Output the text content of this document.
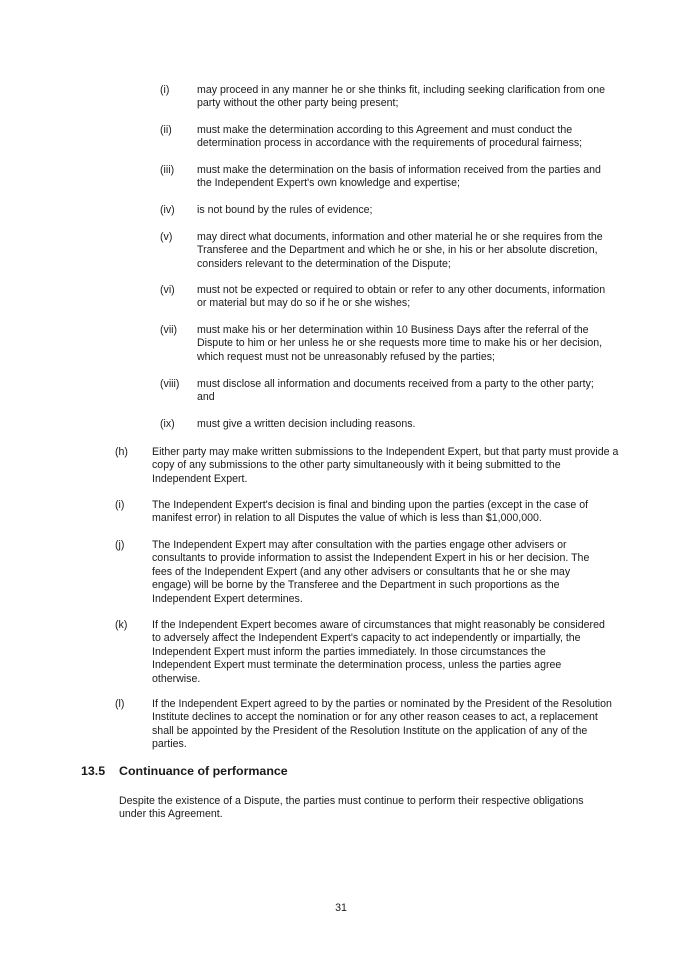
(i)	may proceed in any manner he or she thinks fit, including seeking clarification from one party without the other party being present;
(ii) must make the determination according to this Agreement and must conduct the determination process in accordance with the requirements of procedural fairness;
(iii) must make the determination on the basis of information received from the parties and the Independent Expert's own knowledge and expertise;
(iv) is not bound by the rules of evidence;
(v) may direct what documents, information and other material he or she requires from the Transferee and the Department and which he or she, in his or her absolute discretion, considers relevant to the determination of the Dispute;
(vi) must not be expected or required to obtain or refer to any other documents, information or material but may do so if he or she wishes;
(vii) must make his or her determination within 10 Business Days after the referral of the Dispute to him or her unless he or she requests more time to make his or her decision, which request must not be unreasonably refused by the parties;
(viii) must disclose all information and documents received from a party to the other party; and
(ix) must give a written decision including reasons.
(h) Either party may make written submissions to the Independent Expert, but that party must provide a copy of any submissions to the other party simultaneously with it being submitted to the Independent Expert.
(i)	The Independent Expert's decision is final and binding upon the parties (except in the case of manifest error) in relation to all Disputes the value of which is less than $1,000,000.
(j)	The Independent Expert may after consultation with the parties engage other advisers or consultants to provide information to assist the Independent Expert in his or her decision. The fees of the Independent Expert (and any other advisers or consultants that he or she may engage) will be borne by the Transferee and the Department in such proportions as the Independent Expert determines.
(k) If the Independent Expert becomes aware of circumstances that might reasonably be considered to adversely affect the Independent Expert's capacity to act independently or impartially, the Independent Expert must inform the parties immediately. In those circumstances the Independent Expert must terminate the determination process, unless the parties agree otherwise.
(l)	If the Independent Expert agreed to by the parties or nominated by the President of the Resolution Institute declines to accept the nomination or for any other reason ceases to act, a replacement shall be appointed by the President of the Resolution Institute on the application of any of the parties.
13.5 Continuance of performance
Despite the existence of a Dispute, the parties must continue to perform their respective obligations under this Agreement.
31
